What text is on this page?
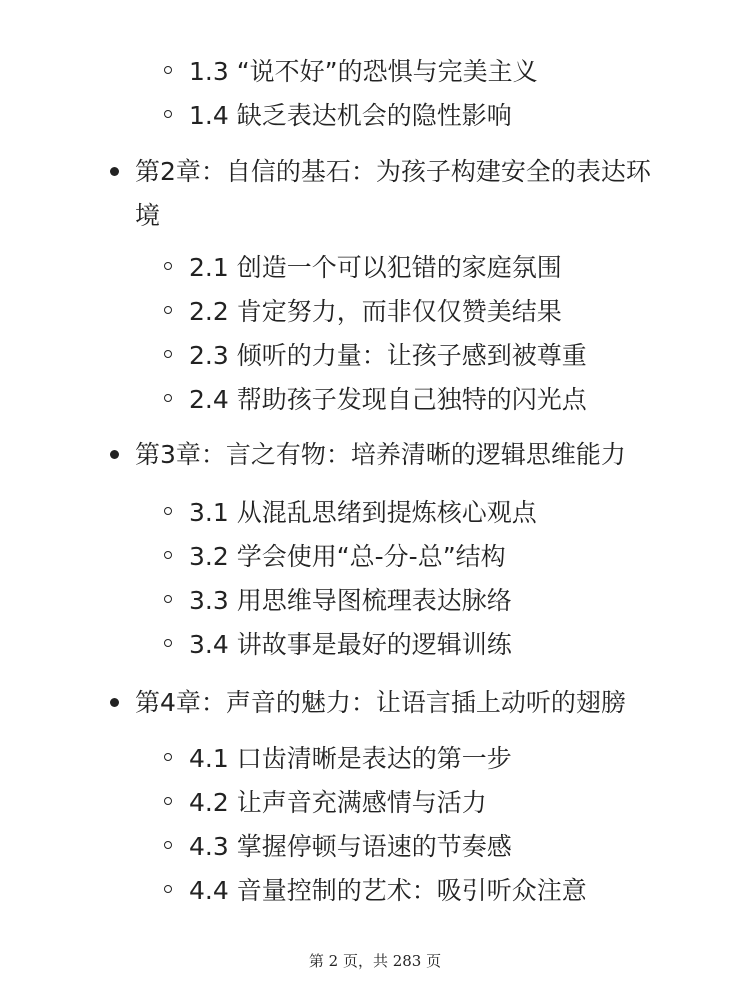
1.3 “说不好”的恐惧与完美主义
1.4 缺乏表达机会的隐性影响
第2章：自信的基石：为孩子构建安全的表达环境
2.1 创造一个可以犯错的家庭氛围
2.2 肯定努力，而非仅仅赞美结果
2.3 倾听的力量：让孩子感到被尊重
2.4 帮助孩子发现自己独特的闪光点
第3章：言之有物：培养清晰的逻辑思维能力
3.1 从混乱思绪到提炼核心观点
3.2 学会使用“总-分-总”结构
3.3 用思维导图梳理表达脉络
3.4 讲故事是最好的逻辑训练
第4章：声音的魅力：让语言插上动听的翅膀
4.1 口齿清晰是表达的第一步
4.2 让声音充满感情与活力
4.3 掌握停顿与语速的节奏感
4.4 音量控制的艺术：吸引听众注意
第 2 页，共 283 页
